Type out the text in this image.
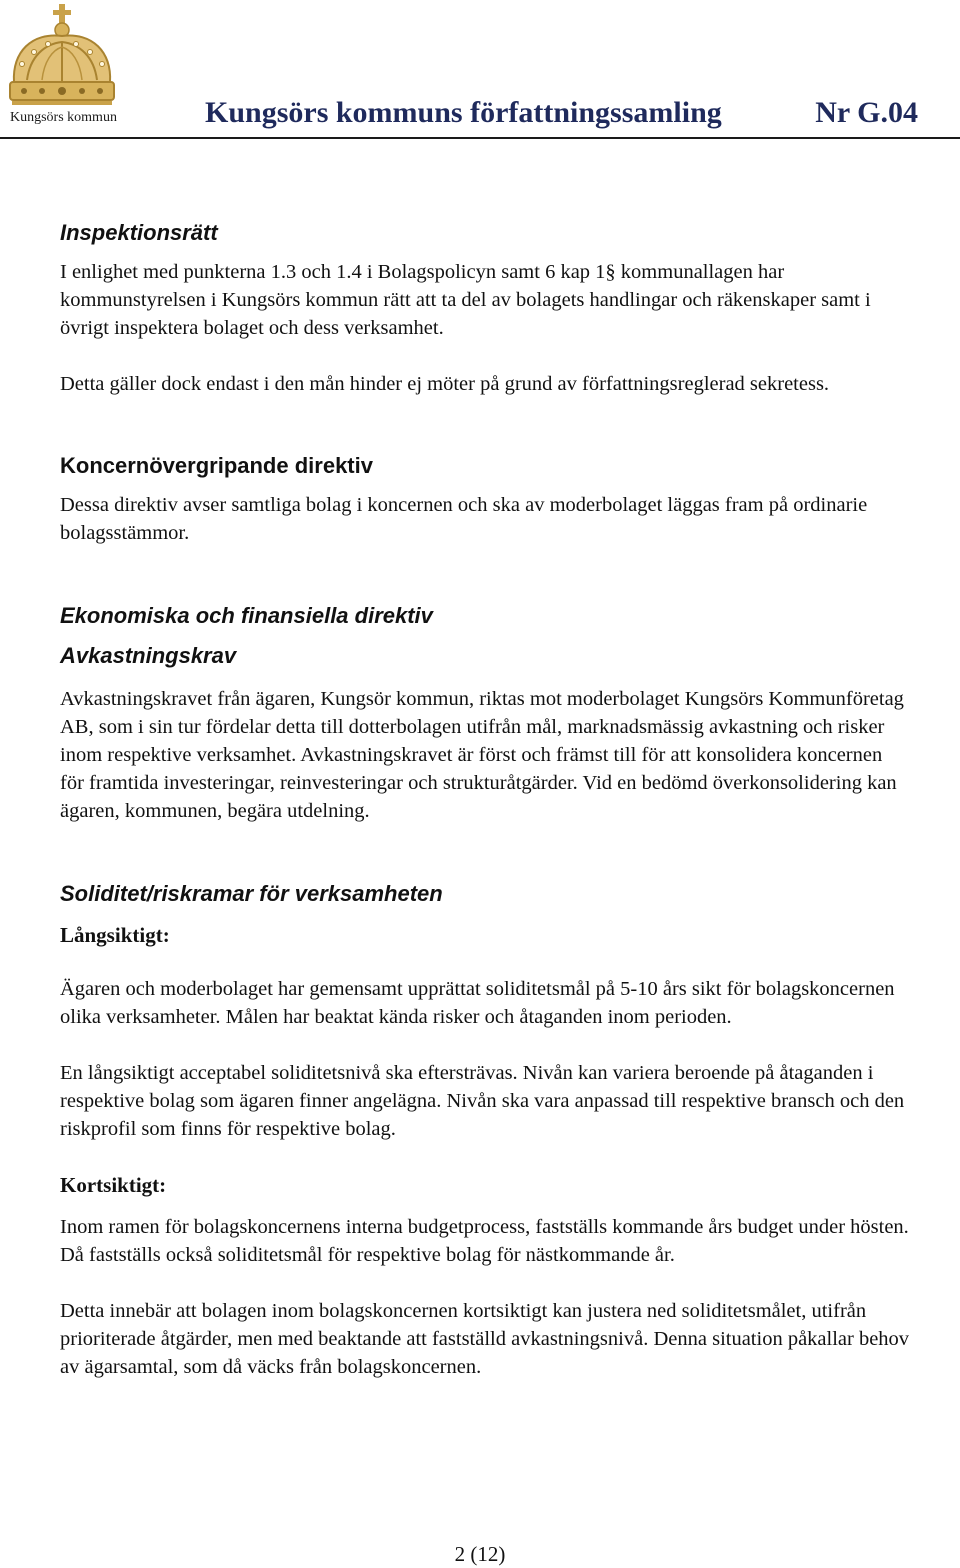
Kungsörs kommun	Kungsörs kommuns författningssamling	Nr G.04
Inspektionsrätt

I enlighet med punkterna 1.3 och 1.4 i Bolagspolicyn samt 6 kap 1§ kommunallagen har kommunstyrelsen i Kungsörs kommun rätt att ta del av bolagets handlingar och räkenskaper samt i övrigt inspektera bolaget och dess verksamhet.

Detta gäller dock endast i den mån hinder ej möter på grund av författningsreglerad sekretess.

Koncernövergripande direktiv

Dessa direktiv avser samtliga bolag i koncernen och ska av moderbolaget läggas fram på ordinarie bolagsstämmor.

Ekonomiska och finansiella direktiv
Avkastningskrav

Avkastningskravet från ägaren, Kungsör kommun, riktas mot moderbolaget Kungsörs Kommunföretag AB, som i sin tur fördelar detta till dotterbolagen utifrån mål, marknadsmässig avkastning och risker inom respektive verksamhet. Avkastningskravet är först och främst till för att konsolidera koncernen för framtida investeringar, reinvesteringar och strukturåtgärder. Vid en bedömd överkonsolidering kan ägaren, kommunen, begära utdelning.

Soliditet/riskramar för verksamheten

Långsiktigt:

Ägaren och moderbolaget har gemensamt upprättat soliditetsmål på 5-10 års sikt för bolagskoncernen olika verksamheter. Målen har beaktat kända risker och åtaganden inom perioden.

En långsiktigt acceptabel soliditetsnivå ska eftersträvas. Nivån kan variera beroende på åtaganden i respektive bolag som ägaren finner angelägna. Nivån ska vara anpassad till respektive bransch och den riskprofil som finns för respektive bolag.

Kortsiktigt:

Inom ramen för bolagskoncernens interna budgetprocess, fastställs kommande års budget under hösten. Då fastställs också soliditetsmål för respektive bolag för nästkommande år.

Detta innebär att bolagen inom bolagskoncernen kortsiktigt kan justera ned soliditetsmålet, utifrån prioriterade åtgärder, men med beaktande att fastställd avkastningsnivå. Denna situation påkallar behov av ägarsamtal, som då väcks från bolagskoncernen.

2 (12)
